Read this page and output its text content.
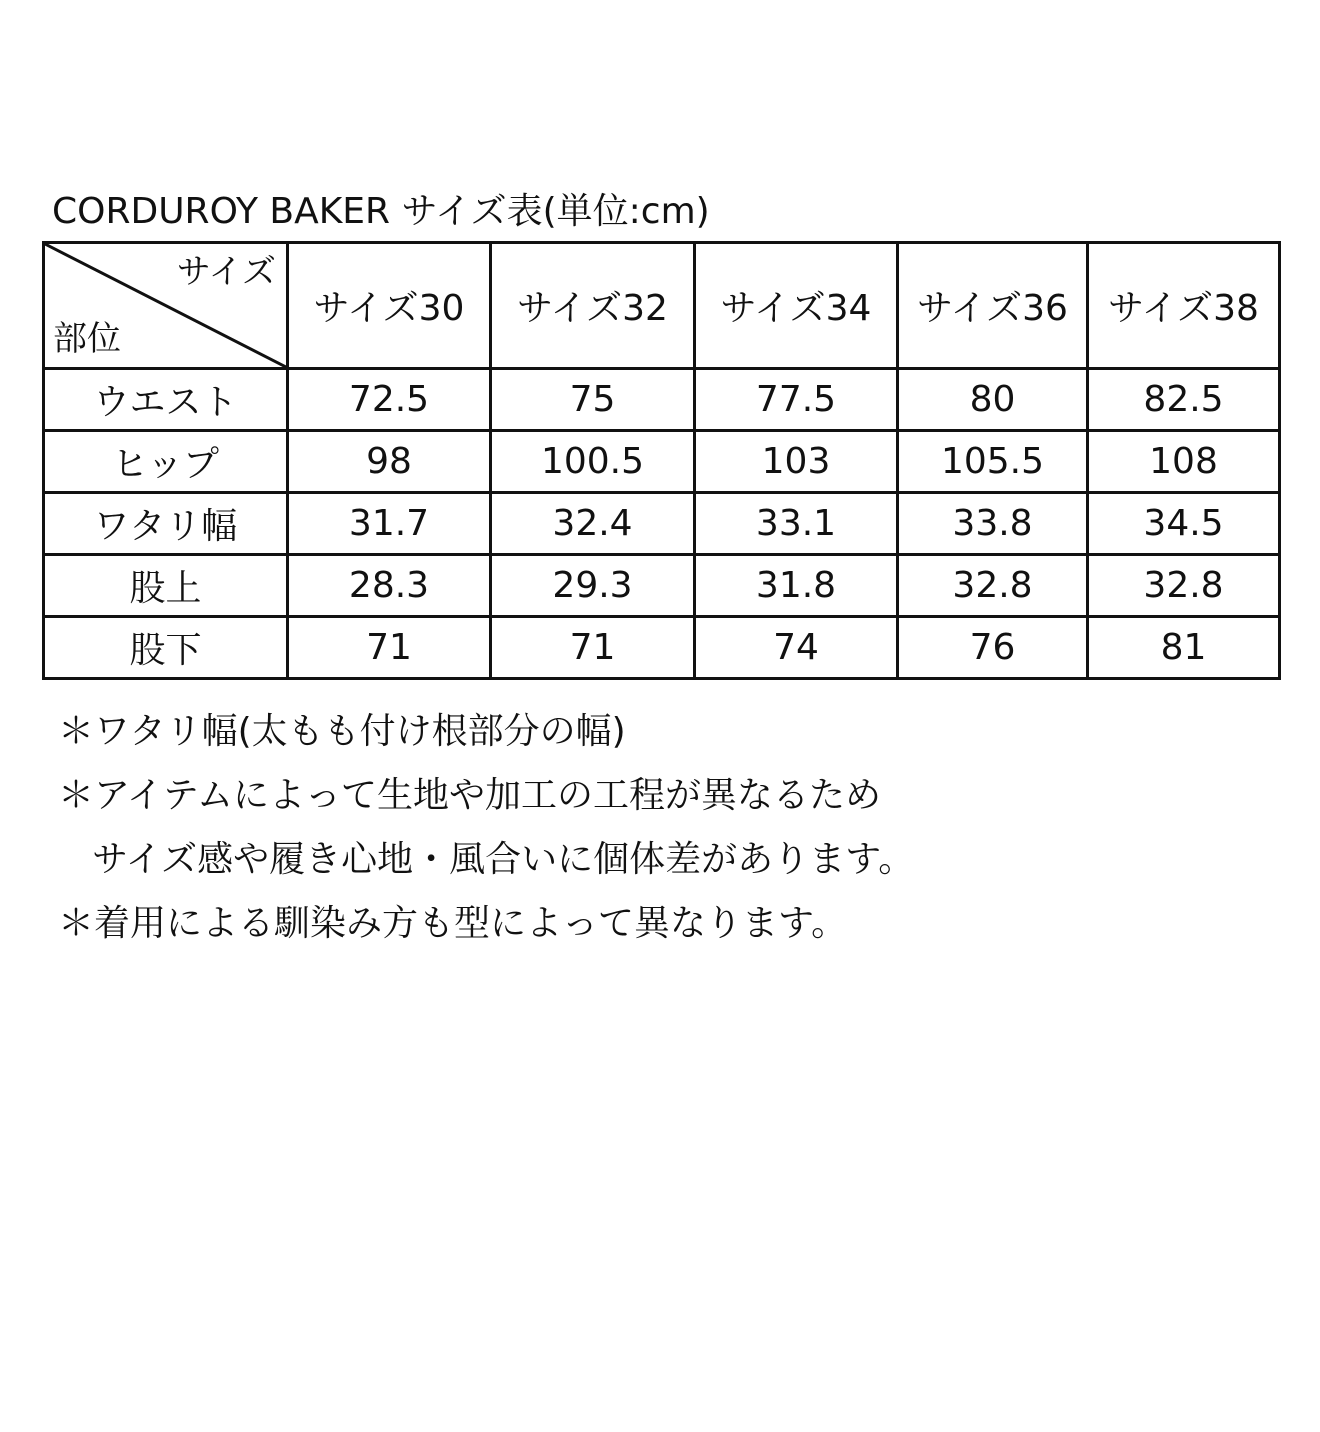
CORDUROY BAKER サイズ表(単位:cm)
サイズ
部位	サイズ30	サイズ32	サイズ34	サイズ36	サイズ38
ウエスト	72.5	75	77.5	80	82.5
ヒップ	98	100.5	103	105.5	108
ワタリ幅	31.7	32.4	33.1	33.8	34.5
股上	28.3	29.3	31.8	32.8	32.8
股下	71	71	74	76	81
＊ワタリ幅(太もも付け根部分の幅)
＊アイテムによって生地や加工の工程が異なるため
サイズ感や履き心地・風合いに個体差があります。
＊着用による馴染み方も型によって異なります。
